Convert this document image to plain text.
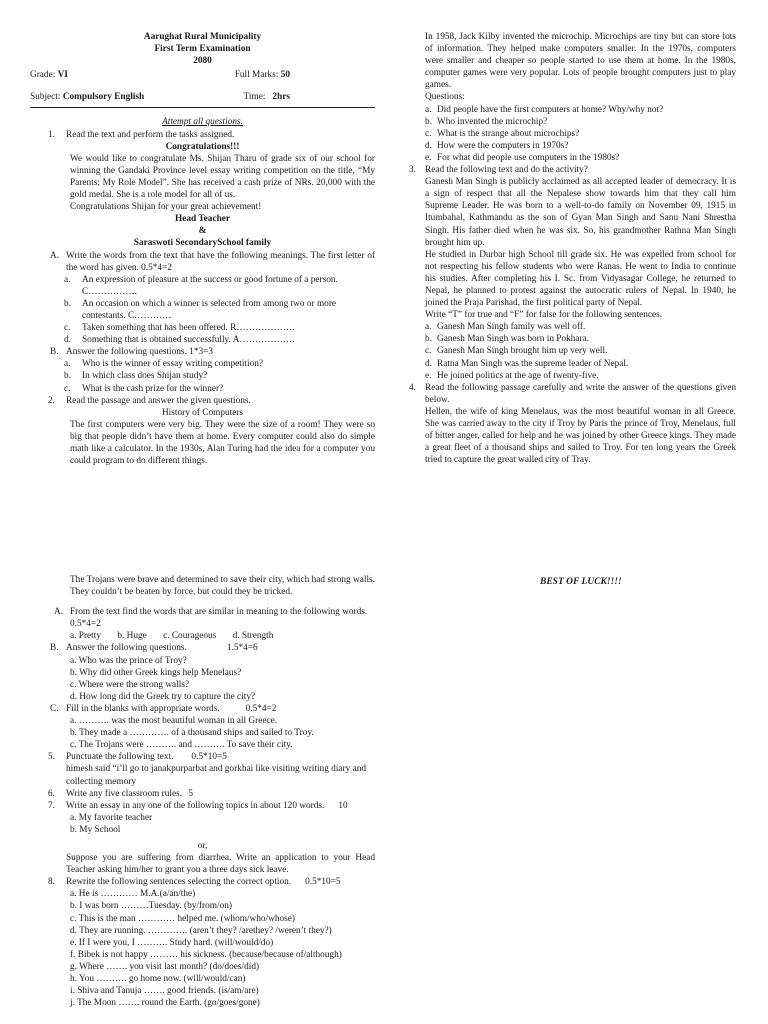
Aarughat Rural Municipality
First Term Examination
2080
Grade: VI	Full Marks: 50
Subject: Compulsory English	Time: 2hrs
Attempt all questions.
1.	Read the text and perform the tasks assigned.
Congratulations!!!
We would like to congratulate Ms. Shijan Tharu of grade six of our school for winning the Gandaki Province level essay writing competition on the title, “My Parents; My Role Model”. She has received a cash prize of NRs. 20,000 with the gold medal. She is a role model for all of us.
Congratulations Shijan for your great achievement!
Head Teacher
&
Saraswoti SecondarySchool family
A. Write the words from the text that have the following meanings. The first letter of the word has given. 0.5*4=2
a.	An expression of pleasure at the success or good fortune of a person. C…………….
b.	An occasion on which a winner is selected from among two or more contestants. C…………
c.	Taken something that has been offered. R……………….
d.	Something that is obtained successfully. A………………
B. Answer the following questions. 1*3=3
a.	Who is the winner of essay writing competition?
b.	In which class does Shijan study?
c.	What is the cash prize for the winner?
2.	Read the passage and answer the given questions.
History of Computers
The first computers were very big. They were the size of a room! They were so big that people didn’t have them at home. Every computer could also do simple math like a calculator. In the 1930s, Alan Turing had the idea for a computer you could program to do different things.
In 1958, Jack Kilby invented the microchip. Microchips are tiny but can store lots of information. They helped make computers smaller. In the 1970s, computers were smaller and cheaper so people started to use them at home. In the 1980s, computer games were very popular. Lots of people brought computers just to play games.
Questions:
a. Did people have the first computers at home? Why/why not?
b. Who invented the microchip?
c. What is the strange about microchips?
d. How were the computers in 1970s?
e. For what did people use computers in the 1980s?
3. Read the following text and do the activity?
Ganesh Man Singh is publicly acclaimed as all accepted leader of democracy. It is a sign of respect that all the Nepalese show towards him that they call him Supreme Leader. He was born to a well-to-do family on November 09, 1915 in Itumbahal, Kathmandu as the son of Gyan Man Singh and Sanu Nani Shrestha Singh. His father died when he was six. So, his grandmother Rathna Man Singh brought him up.
He studied in Durbar high School till grade six. He was expelled from school for not respecting his fellow students who were Ranas. He went to India to continue his studies. After completing his I. Sc. from Vidyasagar College, he returned to Nepal, he planned to protest against the autocratic rulers of Nepal. In 1940, he joined the Praja Parishad, the first political party of Nepal.
Write “T” for true and “F” for false for the following sentences.
a. Ganesh Man Singh family was well off.
b. Ganesh Man Singh was born in Pokhara.
c. Ganesh Man Singh brought him up very well.
d. Ratna Man Singh was the supreme leader of Nepal.
e. He joined politics at the age of twenty-five.
4. Read the following passage carefully and write the answer of the questions given below.
Hellen, the wife of king Menelaus, was the most beautiful woman in all Greece. She was carried away to the city if Troy by Paris the prince of Troy, Menelaus, full of bitter anger, called for help and he was joined by other Greece kings. They made a great fleet of a thousand ships and sailed to Troy. For ten long years the Greek tried to capture the great walled city of Tray.
The Trojans were brave and determined to save their city, which had strong walls. They couldn’t be beaten by force, but could they be tricked.
A. From the text find the words that are similar in meaning to the following words. 0.5*4=2
a. Pretty b. Huge c. Courageous d. Strength
B. Answer the following questions.	1.5*4=6
a. Who was the prince of Troy?
b. Why did other Greek kings help Menelaus?
c. Where were the strong walls?
d. How long did the Greek try to capture the city?
C. Fill in the blanks with appropriate words.	0.5*4=2
a. ………. was the most beautiful woman in all Greece.
b. They made a …………. of a thousand ships and sailed to Troy.
c. The Trojans were ………. and ………. To save their city.
5.	Punctuate the following text. 0.5*10=5
himesh said “i’ll go to janakpurparbat and gorkhai like visiting writing diary and collecting memory
6.	Write any five classroom rules. 5
7.	Write an essay in any one of the following topics in about 120 words. 10
a. My favorite teacher
b. My School
or,
Suppose you are suffering from diarrhea. Write an application to your Head Teacher asking him/her to grant you a three days sick leave.
8.	Rewrite the following sentences selecting the correct option. 0.5*10=5
a. He is ………… M.A.(a/an/the)
b. I was born ………Tuesday. (by/from/on)
c. This is the man ………… helped me. (whom/who/whose)
d. They are running. …………. (aren’t they? /arethey? /weren’t they?)
e. If I were you, I ………. Study hard. (will/would/do)
f. Bibek is not happy ……… his sickness. (because/because of/although)
g. Where ……. you visit last month? (do/does/did)
h. You ………. go home now. (will/would/can)
i. Shiva and Tanuja ……. good friends. (is/am/are)
j. The Moon ……. round the Earth. (go/goes/gone)
BEST OF LUCK!!!!
